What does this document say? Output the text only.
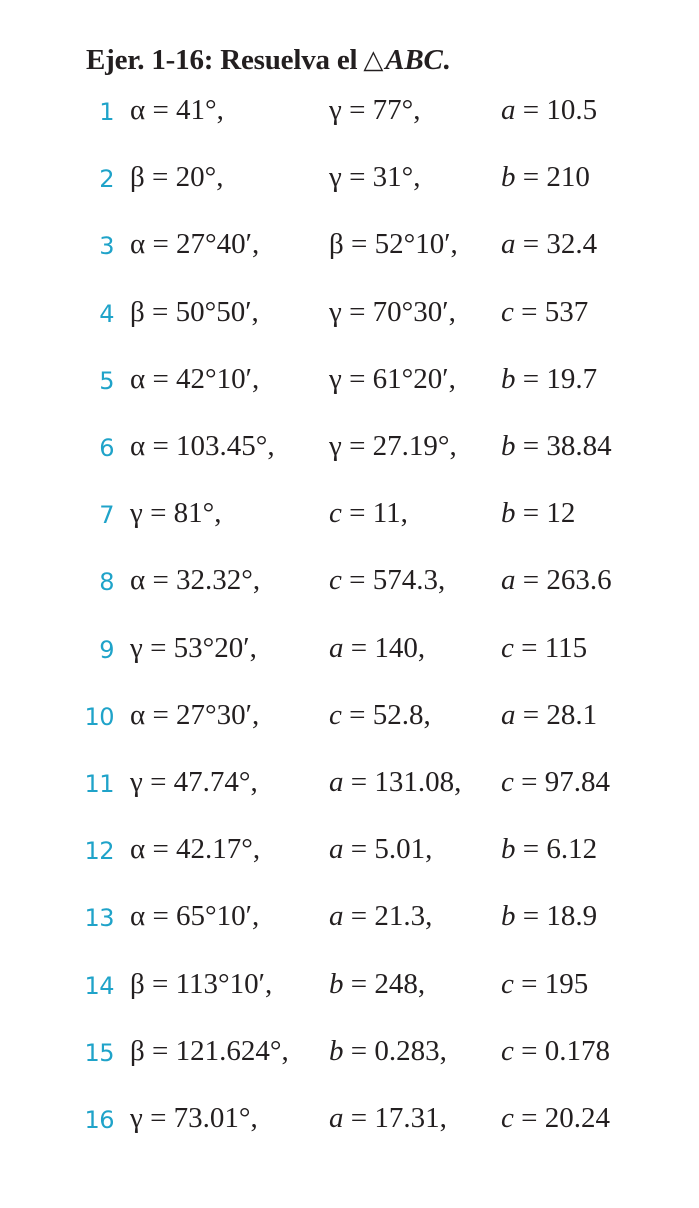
Ejer. 1-16: Resuelva el △ABC.
1 α = 41°,	γ = 77°,	a = 10.5
2 β = 20°,	γ = 31°,	b = 210
3 α = 27°40′, β = 52°10′, a = 32.4
4 β = 50°50′, γ = 70°30′, c = 537
5 α = 42°10′, γ = 61°20′, b = 19.7
6 α = 103.45°, γ = 27.19°, b = 38.84
7 γ = 81°,	c = 11,	b = 12
8 α = 32.32°, c = 574.3, a = 263.6
9 γ = 53°20′, a = 140,	c = 115
10 α = 27°30′, c = 52.8, a = 28.1
11 γ = 47.74°, a = 131.08, c = 97.84
12 α = 42.17°, a = 5.01, b = 6.12
13 α = 65°10′, a = 21.3, b = 18.9
14 β = 113°10′, b = 248,	c = 195
15 β = 121.624°, b = 0.283, c = 0.178
16 γ = 73.01°, a = 17.31, c = 20.24
